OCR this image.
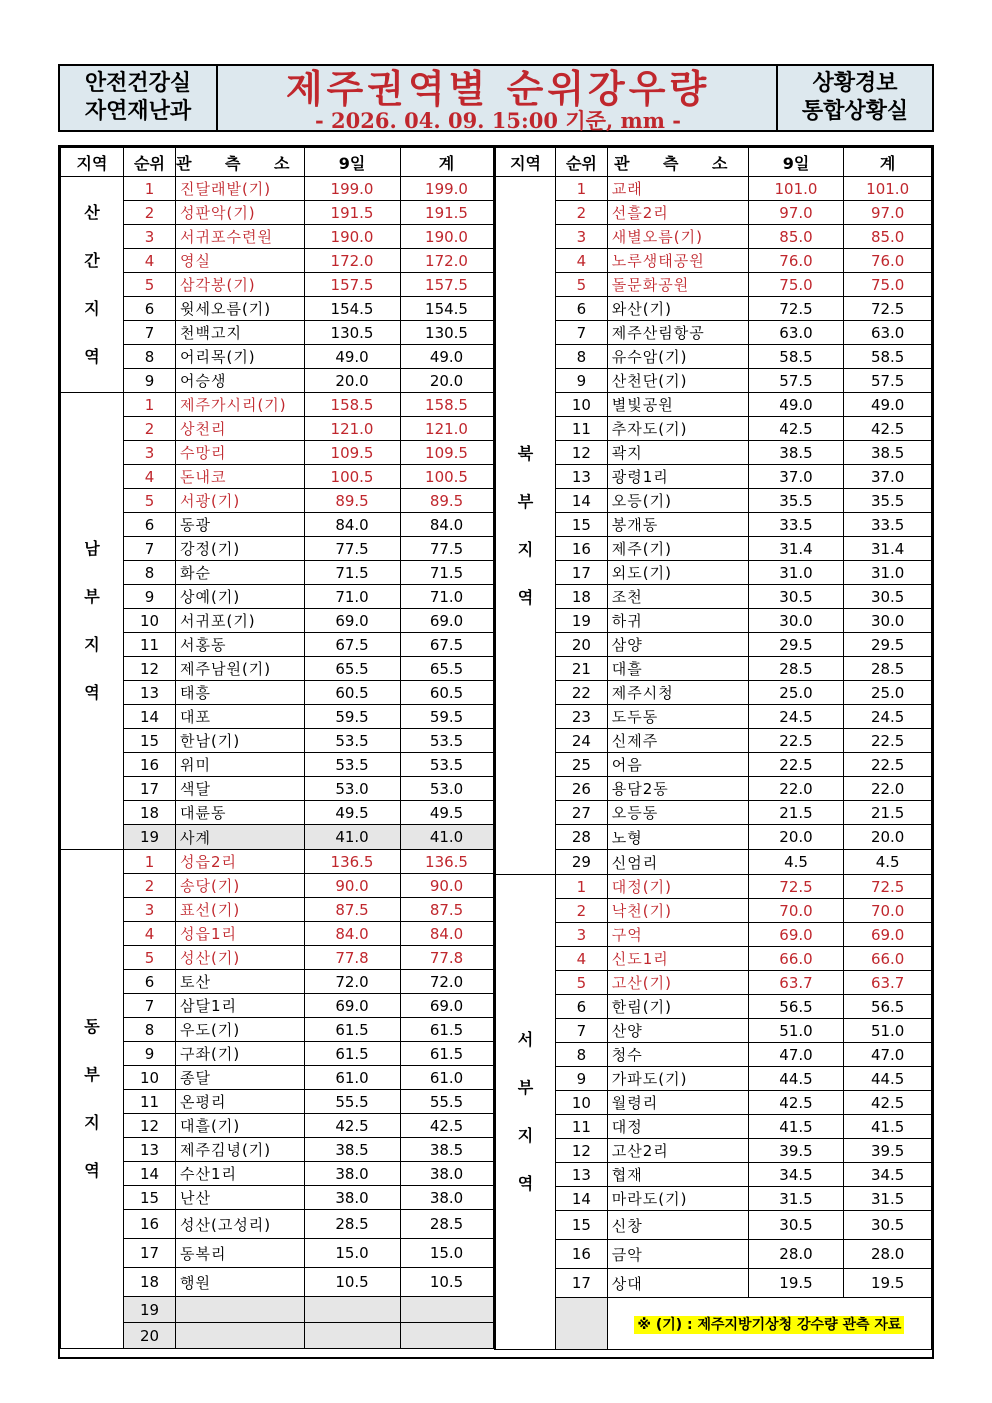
안전건강실
자연재난과
제주권역별 순위강우량
- 2026. 04. 09. 15:00 기준, mm -
상황경보
통합상황실
지역	순위	관 측 소	9일	계

산간지역	1	진달래밭(기)	199.0	199.0
	2	성판악(기)	191.5	191.5
	3	서귀포수련원	190.0	190.0
	4	영실	172.0	172.0
	5	삼각봉(기)	157.5	157.5
	6	윗세오름(기)	154.5	154.5
	7	천백고지	130.5	130.5
	8	어리목(기)	49.0	49.0
	9	어승생	20.0	20.0

남부지역	1	제주가시리(기)	158.5	158.5
	2	상천리	121.0	121.0
	3	수망리	109.5	109.5
	4	돈내코	100.5	100.5
	5	서광(기)	89.5	89.5
	6	동광	84.0	84.0
	7	강정(기)	77.5	77.5
	8	화순	71.5	71.5
	9	상예(기)	71.0	71.0
	10	서귀포(기)	69.0	69.0
	11	서홍동	67.5	67.5
	12	제주남원(기)	65.5	65.5
	13	태흥	60.5	60.5
	14	대포	59.5	59.5
	15	한남(기)	53.5	53.5
	16	위미	53.5	53.5
	17	색달	53.0	53.0
	18	대륜동	49.5	49.5
	19	사계	41.0	41.0

동부지역	1	성읍2리	136.5	136.5
	2	송당(기)	90.0	90.0
	3	표선(기)	87.5	87.5
	4	성읍1리	84.0	84.0
	5	성산(기)	77.8	77.8
	6	토산	72.0	72.0
	7	삼달1리	69.0	69.0
	8	우도(기)	61.5	61.5
	9	구좌(기)	61.5	61.5
	10	종달	61.0	61.0
	11	온평리	55.5	55.5
	12	대흘(기)	42.5	42.5
	13	제주김녕(기)	38.5	38.5
	14	수산1리	38.0	38.0
	15	난산	38.0	38.0
	16	성산(고성리)	28.5	28.5
	17	동복리	15.0	15.0
	18	행원	10.5	10.5
	19			
	20			
지역	순위	관 측 소	9일	계

북부지역	1	교래	101.0	101.0
	2	선흘2리	97.0	97.0
	3	새별오름(기)	85.0	85.0
	4	노루생태공원	76.0	76.0
	5	돌문화공원	75.0	75.0
	6	와산(기)	72.5	72.5
	7	제주산림항공	63.0	63.0
	8	유수암(기)	58.5	58.5
	9	산천단(기)	57.5	57.5
	10	별빛공원	49.0	49.0
	11	추자도(기)	42.5	42.5
	12	곽지	38.5	38.5
	13	광령1리	37.0	37.0
	14	오등(기)	35.5	35.5
	15	봉개동	33.5	33.5
	16	제주(기)	31.4	31.4
	17	외도(기)	31.0	31.0
	18	조천	30.5	30.5
	19	하귀	30.0	30.0
	20	삼양	29.5	29.5
	21	대흘	28.5	28.5
	22	제주시청	25.0	25.0
	23	도두동	24.5	24.5
	24	신제주	22.5	22.5
	25	어음	22.5	22.5
	26	용담2동	22.0	22.0
	27	오등동	21.5	21.5
	28	노형	20.0	20.0
	29	신엄리	4.5	4.5

서부지역	1	대정(기)	72.5	72.5
	2	낙천(기)	70.0	70.0
	3	구억	69.0	69.0
	4	신도1리	66.0	66.0
	5	고산(기)	63.7	63.7
	6	한림(기)	56.5	56.5
	7	산양	51.0	51.0
	8	청수	47.0	47.0
	9	가파도(기)	44.5	44.5
	10	월령리	42.5	42.5
	11	대정	41.5	41.5
	12	고산2리	39.5	39.5
	13	협재	34.5	34.5
	14	마라도(기)	31.5	31.5
	15	신창	30.5	30.5
	16	금악	28.0	28.0
	17	상대	19.5	19.5
		※ (기) : 제주지방기상청 강수량 관측 자료		
